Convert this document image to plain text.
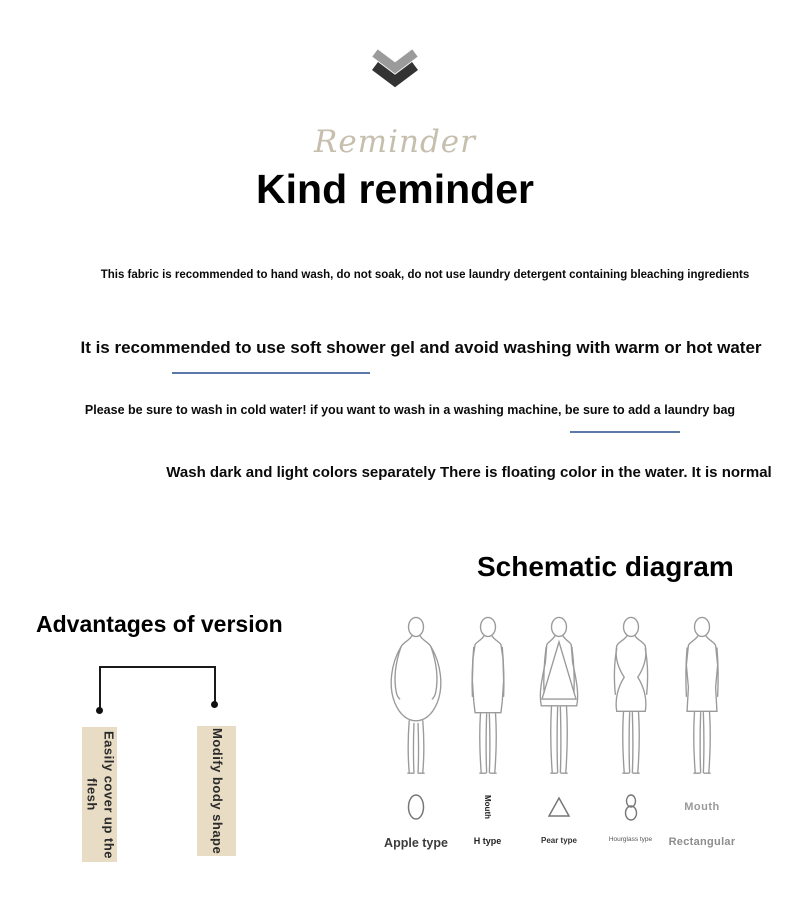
Reminder
Kind reminder
This fabric is recommended to hand wash, do not soak, do not use laundry detergent containing bleaching ingredients
It is recommended to use soft shower gel and avoid washing with warm or hot water
Please be sure to wash in cold water! if you want to wash in a washing machine, be sure to add a laundry bag
Wash dark and light colors separately There is floating color in the water. It is normal
Schematic diagram
Advantages of version
Easily cover up the flesh	Modify body shape	Apple type
Mouth
H type	Pear type	Hourglass type
Mouth
Rectangular
